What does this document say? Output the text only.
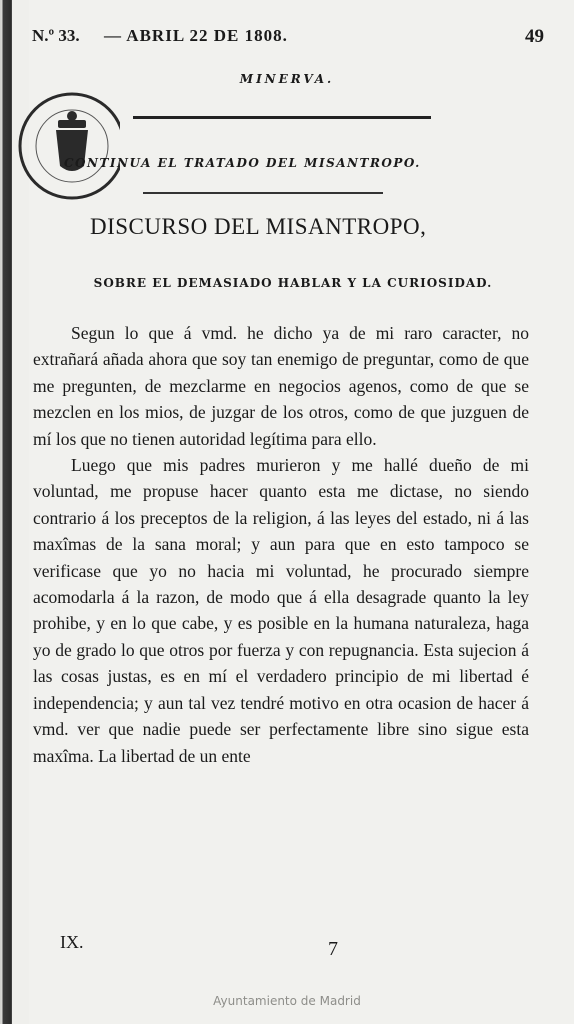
N.º 33. — ABRIL 22 DE 1808.	49
MINERVA.
CONTINUA EL TRATADO DEL MISANTROPO.
DISCURSO DEL MISANTROPO,
SOBRE EL DEMASIADO HABLAR Y LA CURIOSIDAD.

Segun lo que á vmd. he dicho ya de mi raro caracter, no extrañará añada ahora que soy tan enemigo de preguntar, como de que me pregunten, de mezclarme en negocios agenos, como de que se mezclen en los mios, de juzgar de los otros, como de que juzguen de mí los que no tienen autoridad legítima para ello.

Luego que mis padres murieron y me hallé dueño de mi voluntad, me propuse hacer quanto esta me dictase, no siendo contrario á los preceptos de la religion, á las leyes del estado, ni á las maxîmas de la sana moral; y aun para que en esto tampoco se verificase que yo no hacia mi voluntad, he procurado siempre acomodarla á la razon, de modo que á ella desagrade quanto la ley prohibe, y en lo que cabe, y es posible en la humana naturaleza, haga yo de grado lo que otros por fuerza y con repugnancia. Esta sujecion á las cosas justas, es en mí el verdadero principio de mi libertad é independencia; y aun tal vez tendré motivo en otra ocasion de hacer á vmd. ver que nadie puede ser perfectamente libre sino sigue esta maxîma. La libertad de un ente

IX.	7
Ayuntamiento de Madrid
